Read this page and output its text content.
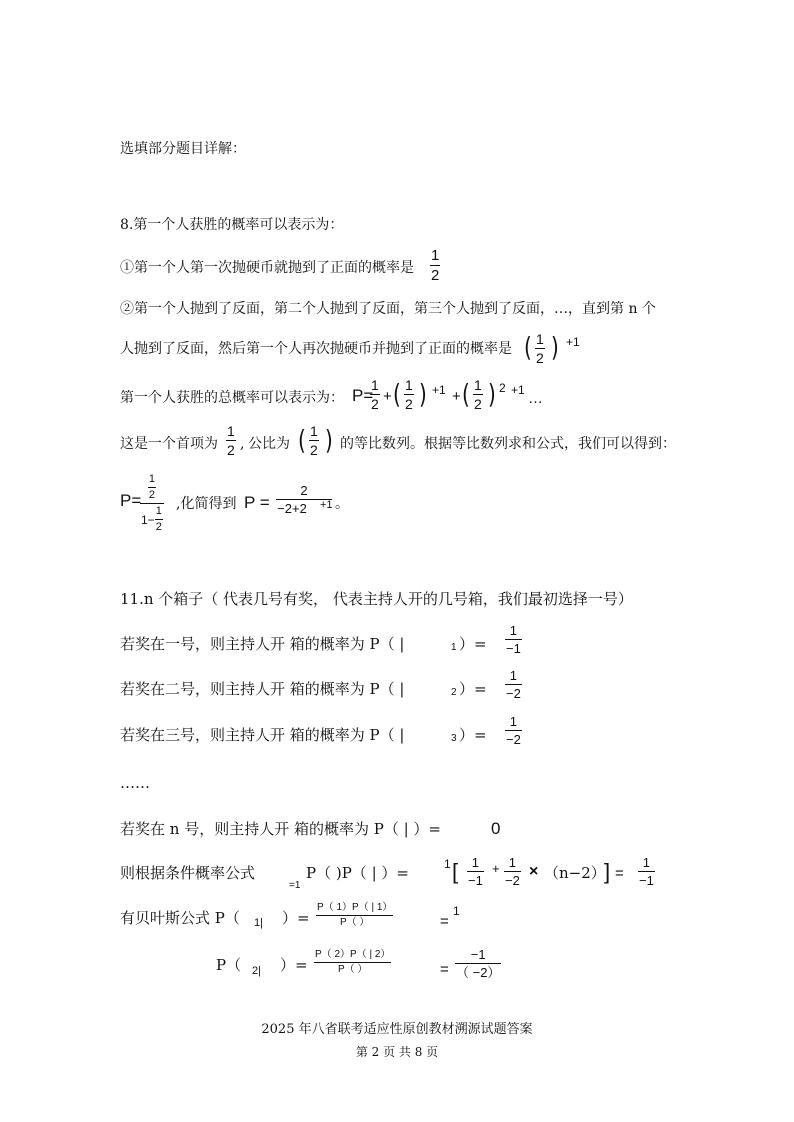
选填部分题目详解：
8.第一个人获胜的概率可以表示为：
①第一个人第一次抛硬币就抛到了正面的概率是
1
2
②第一个人抛到了反面，第二个人抛到了反面，第三个人抛到了反面，…，直到第 n 个
人抛到了反面，然后第一个人再次抛硬币并抛到了正面的概率是 ( 1
2 ) +1
第一个人获胜的总概率可以表示为： P=
1
2 + ( 1
2 ) +1 + ( 1
2 ) 2 +1 …
这是一个首项为
1
2 , 公比为 ( 1
2 ) 的等比数列。根据等比数列求和公式，我们可以得到：
P=
1
2
$1- \frac{1}{2}$
,化简得到 P =
2
−2+2 +1 。
11.n 个箱子（ 代表几号有奖， 代表主持人开的几号箱，我们最初选择一号）
若奖在一号，则主持人开 箱的概率为 P（ |	1 ）=
1
−1
若奖在二号，则主持人开 箱的概率为 P（ |	2 ）=
1
−2
若奖在三号，则主持人开 箱的概率为 P（ |	3 ）=
1
−2
……
若奖在 n 号，则主持人开 箱的概率为 P（ | ）=	0
则根据条件概率公式
=1
P（ )P（ | ）=	1 [ 1
−1
+ 1
−2
× （n−2）
] =
1
−1
有贝叶斯公式 P（ 1| ）=
P（ 1）P（ | 1）
P（ ）	=
1
P（ 2| ）=
P（ 2）P（ | 2）
P（ ）	=
−1
（ −2）
2025 年八省联考适应性原创教材溯源试题答案
第 2 页 共 8 页
